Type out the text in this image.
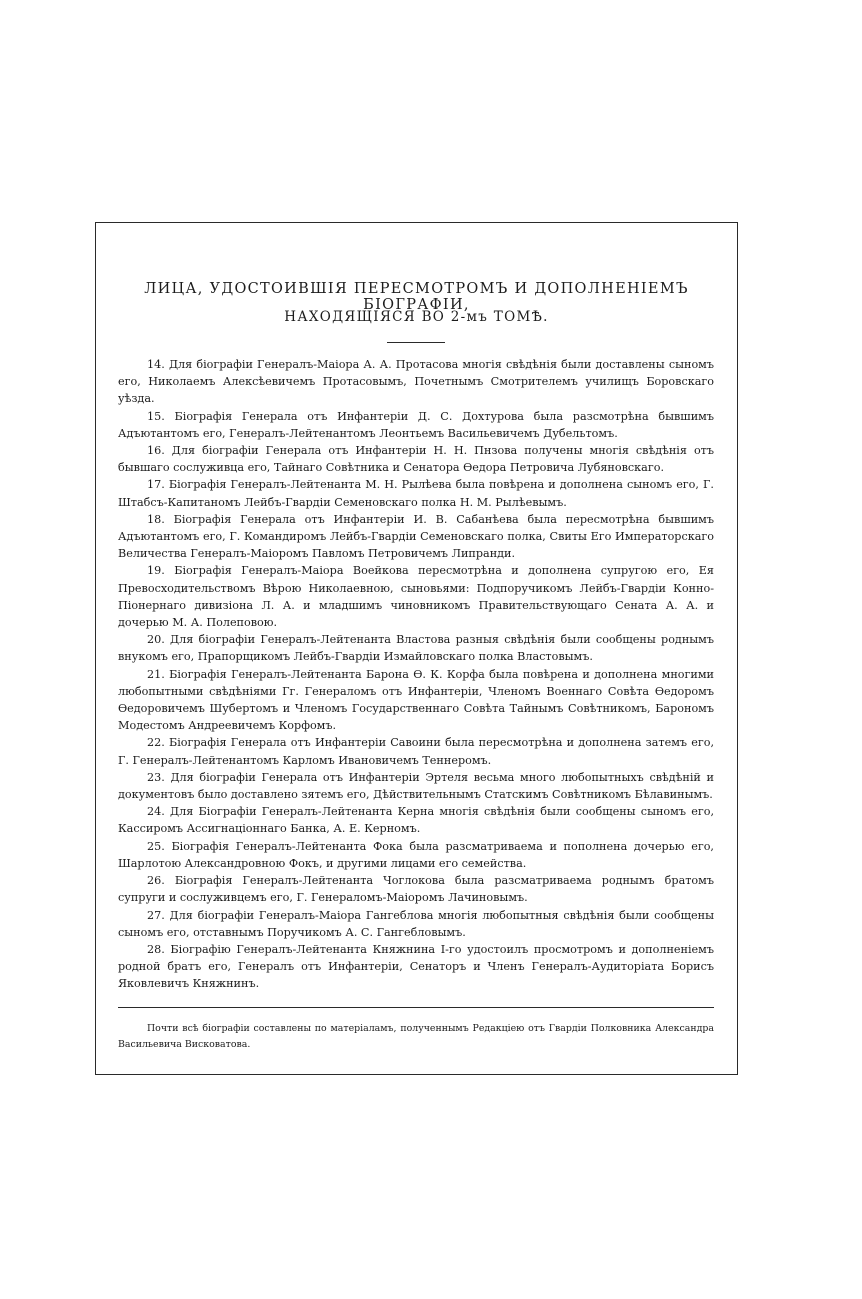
ЛИЦА, УДОСТОИВШІЯ ПЕРЕСМОТРОМЪ И ДОПОЛНЕНІЕМЪ БІОГРАФІИ,
НАХОДЯЩІЯСЯ ВО 2-мъ ТОМѢ.

14. Для біографіи Генералъ-Маіора А. А. Протасова многія свѣдѣнія были доставлены сыномъ его, Николаемъ Алексѣевичемъ Протасовымъ, Почетнымъ Смотрителемъ училищъ Боровскаго уѣзда.

15. Біографія Генерала отъ Инфантеріи Д. С. Дохтурова была разсмотрѣна бывшимъ Адъютантомъ его, Генералъ-Лейтенантомъ Леонтьемъ Васильевичемъ Дубельтомъ.

16. Для біографіи Генерала отъ Инфантеріи Н. Н. Пнзова получены многія свѣдѣнія отъ бывшаго сослуживца его, Тайнаго Совѣтника и Сенатора Ѳедора Петровича Лубяновскаго.

17. Біографія Генералъ-Лейтенанта М. Н. Рылѣева была повѣрена и дополнена сыномъ его, Г. Штабсъ-Капитаномъ Лейбъ-Гвардіи Семеновскаго полка Н. М. Рылѣевымъ.

18. Біографія Генерала отъ Инфантеріи И. В. Сабанѣева была пересмотрѣна бывшимъ Адъютантомъ его, Г. Командиромъ Лейбъ-Гвардіи Семеновскаго полка, Свиты Его Императорскаго Величества Генералъ-Маіоромъ Павломъ Петровичемъ Липранди.

19. Біографія Генералъ-Маіора Воейкова пересмотрѣна и дополнена супругою его, Ея Превосходительствомъ Вѣрою Николаевною, сыновьями: Подпоручикомъ Лейбъ-Гвардіи Конно-Піонернаго дивизіона Л. А. и младшимъ чиновникомъ Правительствующаго Сената А. А. и дочерью М. А. Полеповою.

20. Для біографіи Генералъ-Лейтенанта Властова разныя свѣдѣнія были сообщены роднымъ внукомъ его, Прапорщикомъ Лейбъ-Гвардіи Измайловскаго полка Властовымъ.

21. Біографія Генералъ-Лейтенанта Барона Ѳ. К. Корфа была повѣрена и дополнена многими любопытными свѣдѣніями Гг. Генераломъ отъ Инфантеріи, Членомъ Военнаго Совѣта Ѳедоромъ Ѳедоровичемъ Шубертомъ и Членомъ Государственнаго Совѣта Тайнымъ Совѣтникомъ, Барономъ Модестомъ Андреевичемъ Корфомъ.

22. Біографія Генерала отъ Инфантеріи Савоини была пересмотрѣна и дополнена затемъ его, Г. Генералъ-Лейтенантомъ Карломъ Ивановичемъ Теннеромъ.

23. Для біографіи Генерала отъ Инфантеріи Эртеля весьма много любопытныхъ свѣдѣній и документовъ было доставлено зятемъ его, Дѣйствительнымъ Статскимъ Совѣтникомъ Бѣлавинымъ.

24. Для Біографіи Генералъ-Лейтенанта Керна многія свѣдѣнія были сообщены сыномъ его, Кассиромъ Ассигнаціоннаго Банка, А. Е. Керномъ.

25. Біографія Генералъ-Лейтенанта Фока была разсматриваема и пополнена дочерью его, Шарлотою Александровною Фокъ, и другими лицами его семейства.

26. Біографія Генералъ-Лейтенанта Чоглокова была разсматриваема роднымъ братомъ супруги и сослуживцемъ его, Г. Генераломъ-Маіоромъ Лачиновымъ.

27. Для біографіи Генералъ-Маіора Гангеблова многія любопытныя свѣдѣнія были сообщены сыномъ его, отставнымъ Поручикомъ А. С. Гангебловымъ.

28. Біографію Генералъ-Лейтенанта Княжнина I-го удостоилъ просмотромъ и дополненіемъ родной братъ его, Генералъ отъ Инфантеріи, Сенаторъ и Членъ Генералъ-Аудиторіата Борисъ Яковлевичъ Княжнинъ.

Почти всѣ біографіи составлены по матеріаламъ, полученнымъ Редакціею отъ Гвардіи Полковника Александра Васильевича Висковатова.
